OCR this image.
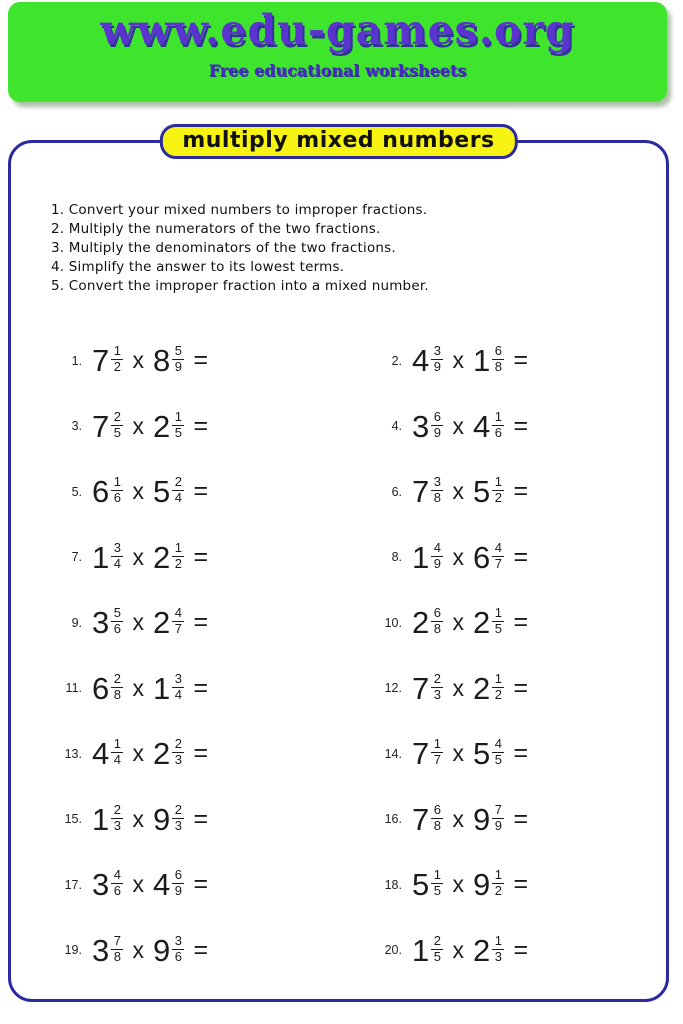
www.edu-games.org
Free educational worksheets
multiply mixed numbers
1. Convert your mixed numbers to improper fractions.
2. Multiply the numerators of the two fractions.
3. Multiply the denominators of the two fractions.
4. Simplify the answer to its lowest terms.
5. Convert the improper fraction into a mixed number.
1. $7 \frac{1}{2}$ x $8 \frac{5}{9}$ =	2. $4 \frac{3}{9}$ x $1 \frac{6}{8}$ =
3. $7 \frac{2}{5}$ x $2 \frac{1}{5}$ =	4. $3 \frac{6}{9}$ x $4 \frac{1}{6}$ =
5. $6 \frac{1}{6}$ x $5 \frac{2}{4}$ =	6. $7 \frac{3}{8}$ x $5 \frac{1}{2}$ =
7. $1 \frac{3}{4}$ x $2 \frac{1}{2}$ =	8. $1 \frac{4}{9}$ x $6 \frac{4}{7}$ =
9. $3 \frac{5}{6}$ x $2 \frac{4}{7}$ =	10. $2 \frac{6}{8}$ x $2 \frac{1}{5}$ =
11. $6 \frac{2}{8}$ x $1 \frac{3}{4}$ =	12. $7 \frac{2}{3}$ x $2 \frac{1}{2}$ =
13. $4 \frac{1}{4}$ x $2 \frac{2}{3}$ =	14. $7 \frac{1}{7}$ x $5 \frac{4}{5}$ =
15. $1 \frac{2}{3}$ x $9 \frac{2}{3}$ =	16. $7 \frac{6}{8}$ x $9 \frac{7}{9}$ =
17. $3 \frac{4}{6}$ x $4 \frac{6}{9}$ =	18. $5 \frac{1}{5}$ x $9 \frac{1}{2}$ =
19. $3 \frac{7}{8}$ x $9 \frac{3}{6}$ =	20. $1 \frac{2}{5}$ x $2 \frac{1}{3}$ =
